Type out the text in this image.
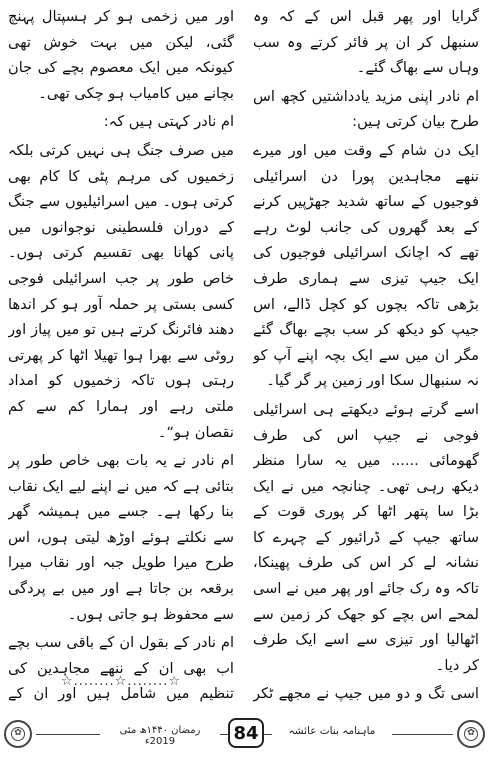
گرایا اور پھر قبل اس کے کہ وہ سنبھل کر ان پر فائر کرتے وہ سب وہاں سے بھاگ گئے۔

ام نادر اپنی مزید یادداشتیں کچھ اس طرح بیان کرتی ہیں:

ایک دن شام کے وقت میں اور میرے ننھے مجاہدین پورا دن اسرائیلی فوجیوں کے ساتھ شدید جھڑپیں کرنے کے بعد گھروں کی جانب لوٹ رہے تھے کہ اچانک اسرائیلی فوجیوں کی ایک جیپ تیزی سے ہماری طرف بڑھی تاکہ بچوں کو کچل ڈالے، اس جیپ کو دیکھ کر سب بچے بھاگ گئے مگر ان میں سے ایک بچہ اپنے آپ کو نہ سنبھال سکا اور زمین پر گر گیا۔

اسے گرتے ہوئے دیکھتے ہی اسرائیلی فوجی نے جیپ اس کی طرف گھومائی ...... میں یہ سارا منظر دیکھ رہی تھی۔ چنانچہ میں نے ایک بڑا سا پتھر اٹھا کر پوری قوت کے ساتھ جیپ کے ڈرائیور کے چہرے کا نشانہ لے کر اس کی طرف پھینکا، تاکہ وہ رک جائے اور پھر میں نے اسی لمحے اس بچے کو جھک کر زمین سے اٹھالیا اور تیزی سے اسے ایک طرف کر دیا۔

اسی تگ و دو میں جیپ نے مجھے ٹکر

اور میں زخمی ہو کر ہسپتال پہنچ گئی، لیکن میں بہت خوش تھی کیونکہ میں ایک معصوم بچے کی جان بچانے میں کامیاب ہو چکی تھی۔

ام نادر کہتی ہیں کہ:

میں صرف جنگ ہی نہیں کرتی بلکہ زخمیوں کی مرہم پٹی کا کام بھی کرتی ہوں۔ میں اسرائیلیوں سے جنگ کے دوران فلسطینی نوجوانوں میں پانی کھانا بھی تقسیم کرتی ہوں۔ خاص طور پر جب اسرائیلی فوجی کسی بستی پر حملہ آور ہو کر اندھا دھند فائرنگ کرتے ہیں تو میں پیاز اور روٹی سے بھرا ہوا تھیلا اٹھا کر پھرتی رہتی ہوں تاکہ زخمیوں کو امداد ملتی رہے اور ہمارا کم سے کم نقصان ہو“۔

ام نادر نے یہ بات بھی خاص طور پر بتائی ہے کہ میں نے اپنے لیے ایک نقاب بنا رکھا ہے۔ جسے میں ہمیشہ گھر سے نکلتے ہوئے اوڑھ لیتی ہوں، اس طرح میرا طویل جبہ اور نقاب میرا برقعہ بن جاتا ہے اور میں بے پردگی سے محفوظ ہو جاتی ہوں۔

ام نادر کے بقول ان کے باقی سب بچے اب بھی ان کے ننھے مجاہدین کی تنظیم میں شامل ہیں اور ان کے

☆........☆........☆
✿	رمضان ۱۴۴۰ھ مئی 2019ء	84	ماہنامہ بنات عائشہ	✿
